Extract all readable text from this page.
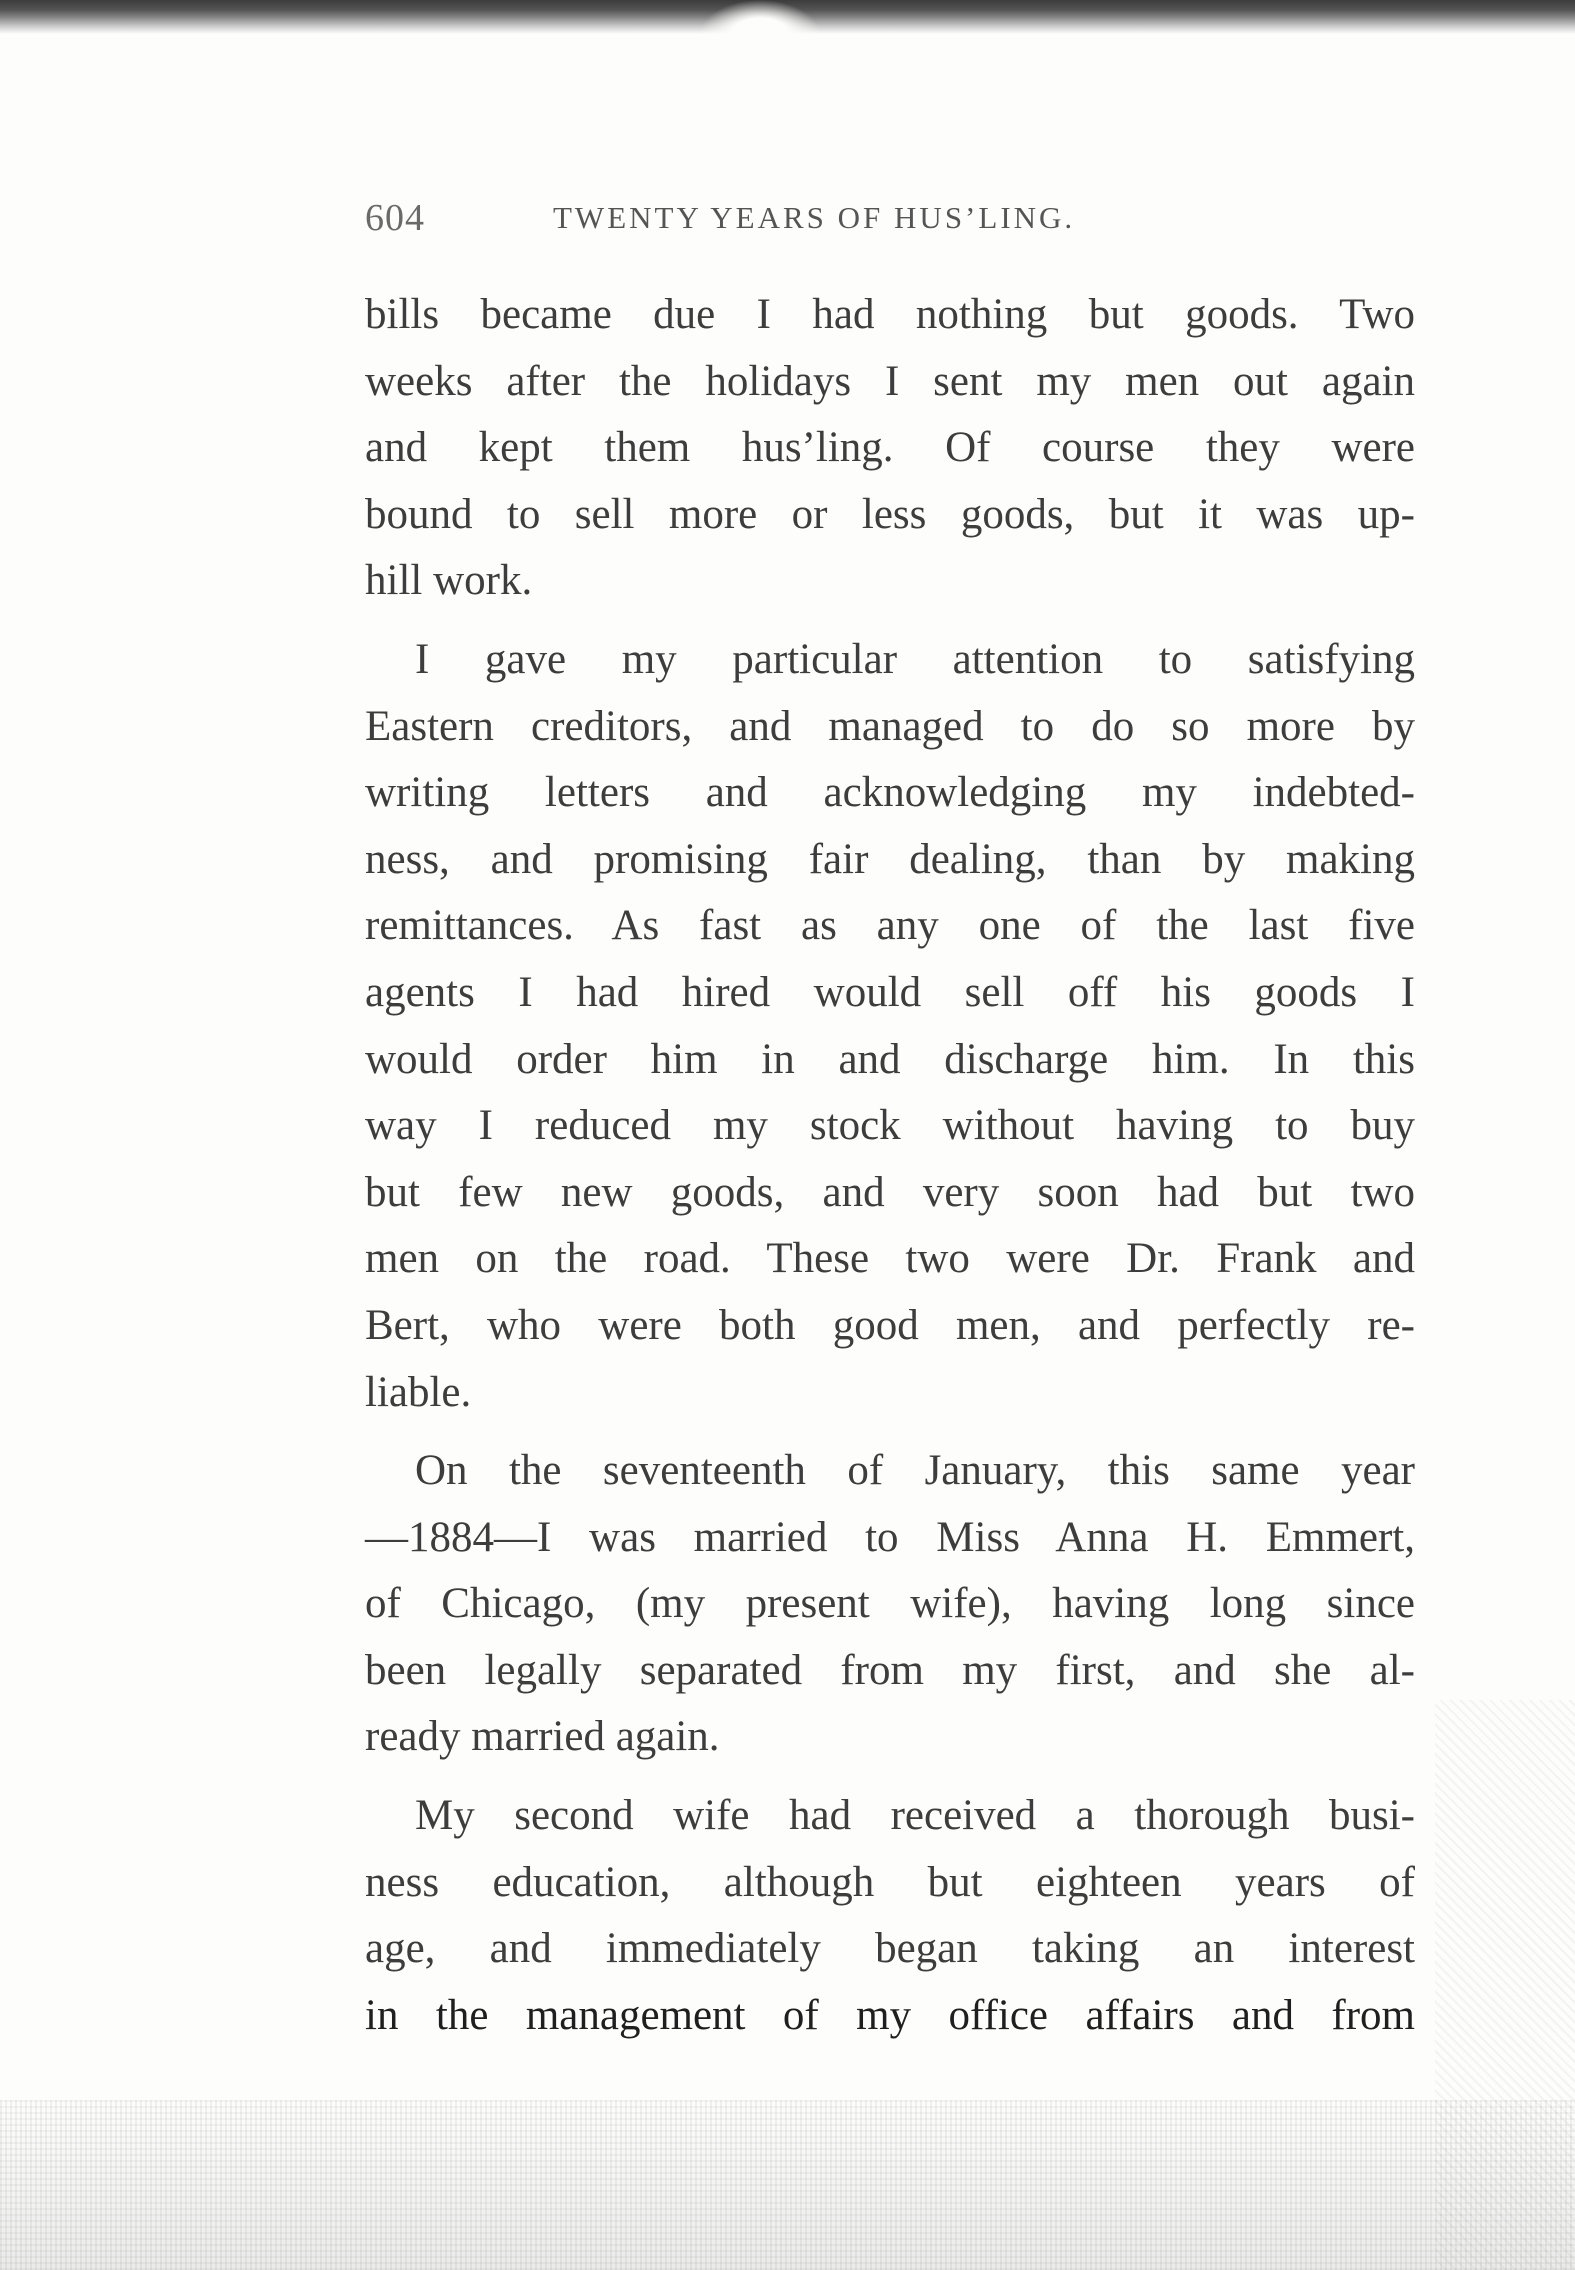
604	TWENTY YEARS OF HUS’LING.
bills became due I had nothing but goods. Two
weeks after the holidays I sent my men out again
and kept them hus’ling. Of course they were
bound to sell more or less goods, but it was up-
hill work.
I gave my particular attention to satisfying
Eastern creditors, and managed to do so more by
writing letters and acknowledging my indebted-
ness, and promising fair dealing, than by making
remittances. As fast as any one of the last five
agents I had hired would sell off his goods I
would order him in and discharge him. In this
way I reduced my stock without having to buy
but few new goods, and very soon had but two
men on the road. These two were Dr. Frank and
Bert, who were both good men, and perfectly re-
liable.
On the seventeenth of January, this same year
—1884—I was married to Miss Anna H. Emmert,
of Chicago, (my present wife), having long since
been legally separated from my first, and she al-
ready married again.
My second wife had received a thorough busi-
ness education, although but eighteen years of
age, and immediately began taking an interest
in the management of my office affairs and from
